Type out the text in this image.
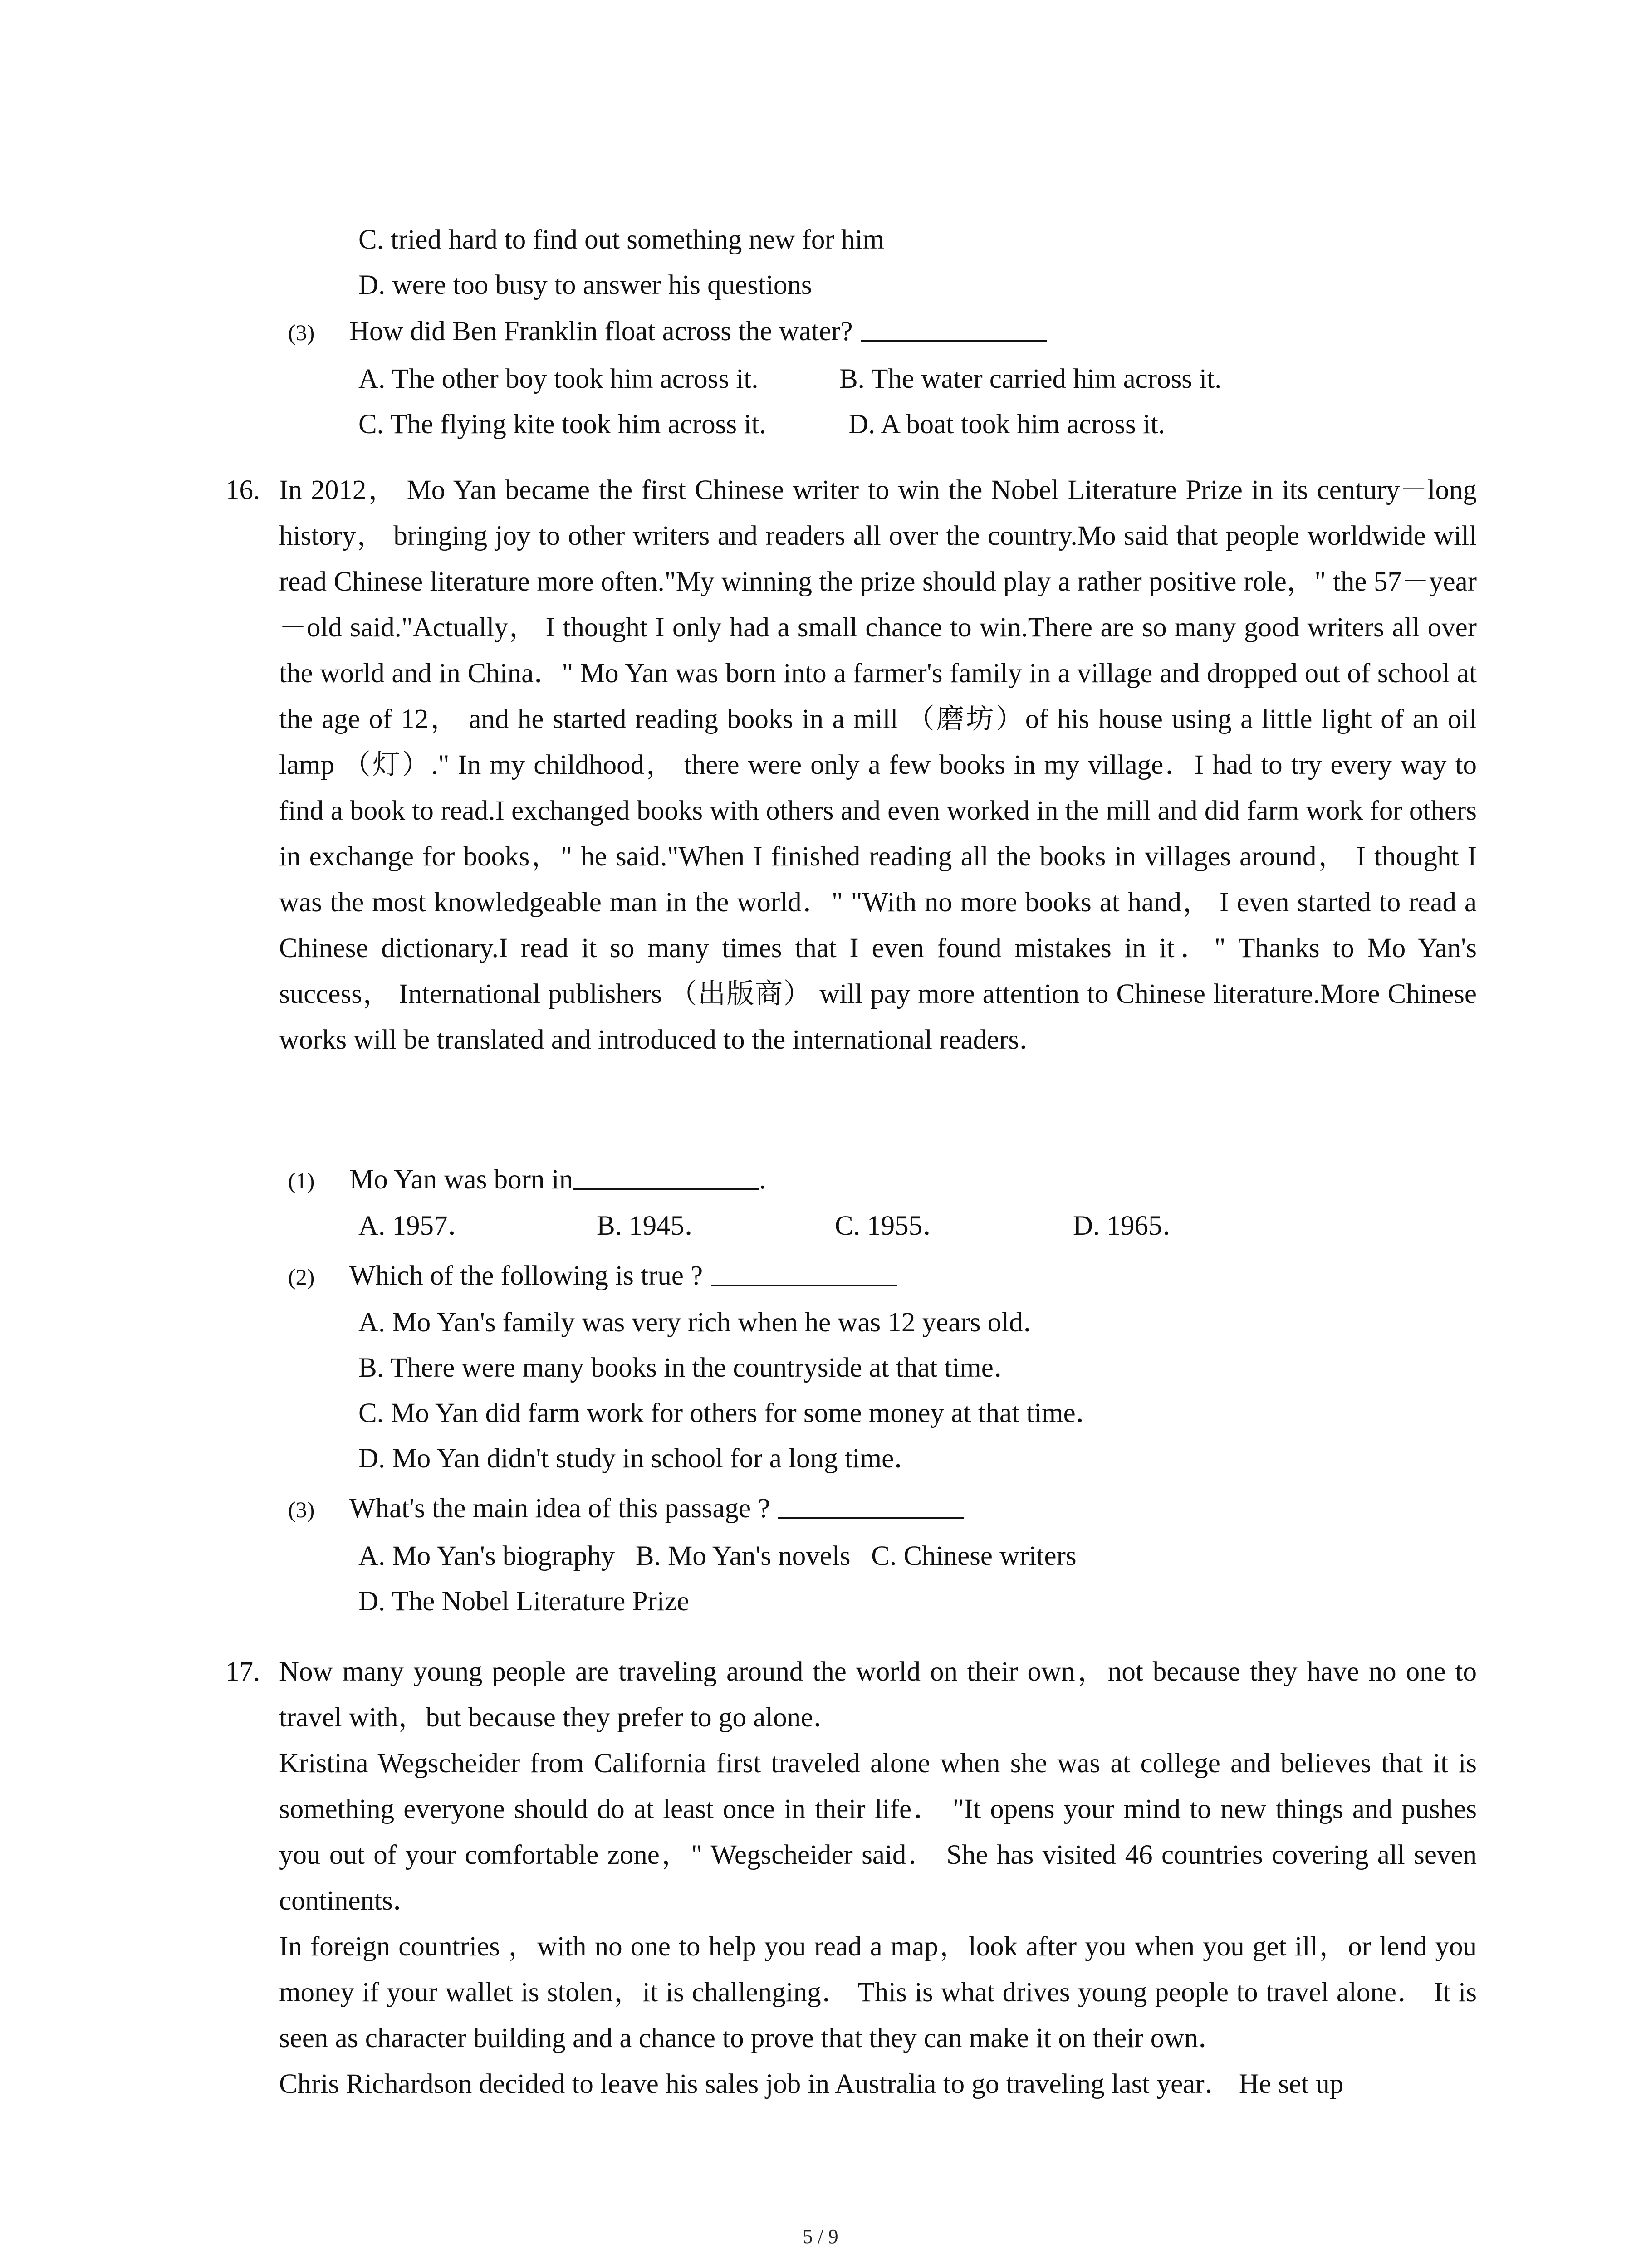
C. tried hard to find out something new for him
D. were too busy to answer his questions
(3) How did Ben Franklin float across the water?
A. The other boy took him across it.	B. The water carried him across it.
C. The flying kite took him across it.	D. A boat took him across it.
16. In 2012， Mo Yan became the first Chinese writer to win the Nobel Literature Prize in its century－long history， bringing joy to other writers and readers all over the country.Mo said that people worldwide will read Chinese literature more often."My winning the prize should play a rather positive role，" the 57－year－old said."Actually， I thought I only had a small chance to win.There are so many good writers all over the world and in China．" Mo Yan was born into a farmer's family in a village and dropped out of school at the age of 12， and he started reading books in a mill （磨坊）of his house using a little light of an oil lamp （灯）." In my childhood， there were only a few books in my village．I had to try every way to find a book to read.I exchanged books with others and even worked in the mill and did farm work for others in exchange for books，" he said."When I finished reading all the books in villages around， I thought I was the most knowledgeable man in the world．" "With no more books at hand， I even started to read a Chinese dictionary.I read it so many times that I even found mistakes in it．" Thanks to Mo Yan's success， International publishers （出版商） will pay more attention to Chinese literature.More Chinese works will be translated and introduced to the international readers．

(1) Mo Yan was born in	.
A. 1957．	B. 1945．	C. 1955．	D. 1965．
(2) Which of the following is true ?
A. Mo Yan's family was very rich when he was 12 years old．
B. There were many books in the countryside at that time．
C. Mo Yan did farm work for others for some money at that time．
D. Mo Yan didn't study in school for a long time．
(3) What's the main idea of this passage ?
A. Mo Yan's biography   B. Mo Yan's novels   C. Chinese writers
D. The Nobel Literature Prize
17. Now many young people are traveling around the world on their own，not because they have no one to travel with，but because they prefer to go alone．

Kristina Wegscheider from California first traveled alone when she was at college and believes that it is something everyone should do at least once in their life． "It opens your mind to new things and pushes you out of your comfortable zone，" Wegscheider said． She has visited 46 countries covering all seven continents．

In foreign countries ，with no one to help you read a map，look after you when you get ill，or lend you money if your wallet is stolen，it is challenging． This is what drives young people to travel alone． It is seen as character building and a chance to prove that they can make it on their own．

Chris Richardson decided to leave his sales job in Australia to go traveling last year． He set up

5 / 9
